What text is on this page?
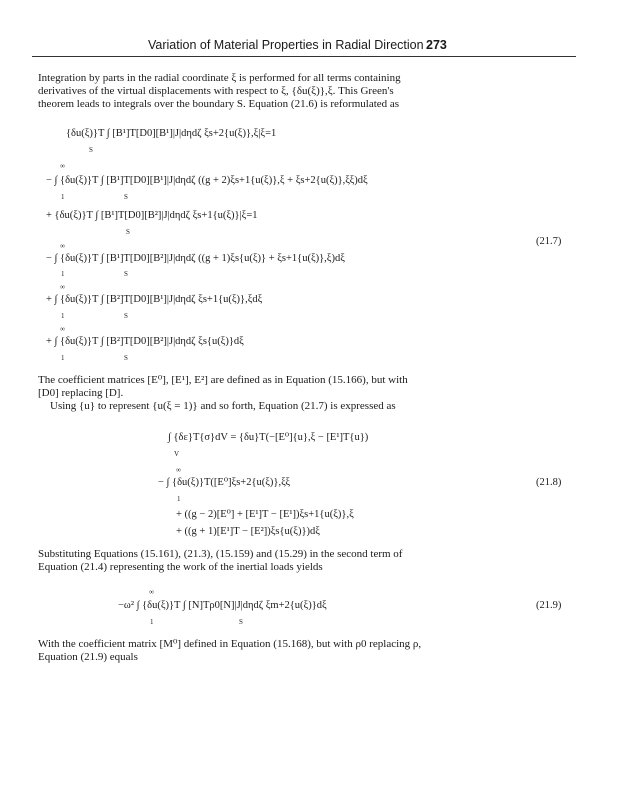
Variation of Material Properties in Radial Direction 273
Integration by parts in the radial coordinate ξ is performed for all terms containing
derivatives of the virtual displacements with respect to ξ, {δu(ξ)},ξ. This Green's
theorem leads to integrals over the boundary S. Equation (21.6) is reformulated as
{δu(ξ)}T ∫ [B¹]T[D0][B¹]|J|dηdζ ξs+2{u(ξ)},ξ|ξ=1
S
∞
− ∫ {δu(ξ)}T ∫ [B¹]T[D0][B¹]|J|dηdζ ((g + 2)ξs+1{u(ξ)},ξ + ξs+2{u(ξ)},ξξ)dξ
1	S
+ {δu(ξ)}T ∫ [B¹]T[D0][B²]|J|dηdζ ξs+1{u(ξ)}|ξ=1
S
∞
− ∫ {δu(ξ)}T ∫ [B¹]T[D0][B²]|J|dηdζ ((g + 1)ξs{u(ξ)} + ξs+1{u(ξ)},ξ)dξ
1	S
(21.7)
∞
+ ∫ {δu(ξ)}T ∫ [B²]T[D0][B¹]|J|dηdζ ξs+1{u(ξ)},ξdξ
1	S
∞
+ ∫ {δu(ξ)}T ∫ [B²]T[D0][B²]|J|dηdζ ξs{u(ξ)}dξ
1	S
The coefficient matrices [E⁰], [E¹], E²] are defined as in Equation (15.166), but with
[D0] replacing [D].
Using {u} to represent {u(ξ = 1)} and so forth, Equation (21.7) is expressed as
∫ {δε}T{σ}dV = {δu}T(−[E⁰]{u},ξ − [E¹]T{u})
V
∞
− ∫ {δu(ξ)}T([E⁰]ξs+2{u(ξ)},ξξ
1
(21.8)
+ ((g − 2)[E⁰] + [E¹]T − [E¹])ξs+1{u(ξ)},ξ
+ ((g + 1)[E¹]T − [E²])ξs{u(ξ)})dξ
Substituting Equations (15.161), (21.3), (15.159) and (15.29) in the second term of
Equation (21.4) representing the work of the inertial loads yields
∞
−ω² ∫ {δu(ξ)}T ∫ [N]Tρ0[N]|J|dηdζ ξm+2{u(ξ)}dξ
1	S
(21.9)
With the coefficient matrix [M⁰] defined in Equation (15.168), but with ρ0 replacing ρ,
Equation (21.9) equals
